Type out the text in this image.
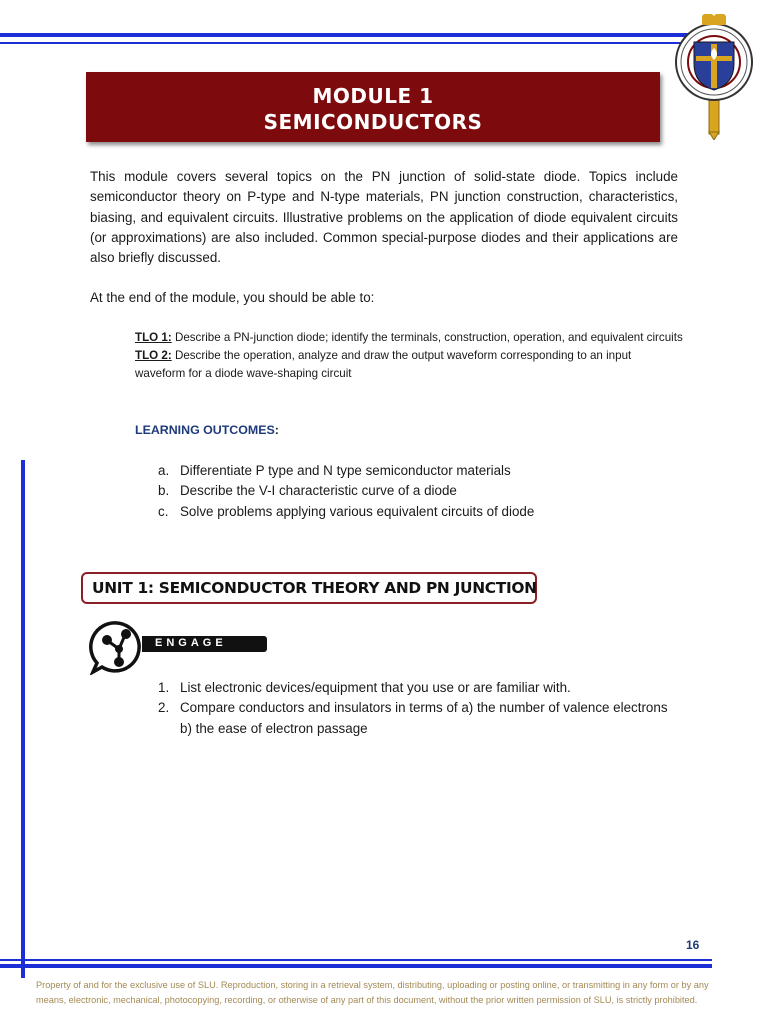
MODULE 1
SEMICONDUCTORS
This module covers several topics on the PN junction of solid-state diode. Topics include semiconductor theory on P-type and N-type materials, PN junction construction, characteristics, biasing, and equivalent circuits. Illustrative problems on the application of diode equivalent circuits (or approximations) are also included. Common special-purpose diodes and their applications are also briefly discussed.
At the end of the module, you should be able to:
TLO 1: Describe a PN-junction diode; identify the terminals, construction, operation, and equivalent circuits
TLO 2: Describe the operation, analyze and draw the output waveform corresponding to an input waveform for a diode wave-shaping circuit
LEARNING OUTCOMES:
a. Differentiate P type and N type semiconductor materials
b. Describe the V-I characteristic curve of a diode
c. Solve problems applying various equivalent circuits of diode
UNIT 1: SEMICONDUCTOR THEORY AND PN JUNCTION
ENGAGE
1. List electronic devices/equipment that you use or are familiar with.
2. Compare conductors and insulators in terms of a) the number of valence electrons b) the ease of electron passage
16
Property of and for the exclusive use of SLU. Reproduction, storing in a retrieval system, distributing, uploading or posting online, or transmitting in any form or by any
means, electronic, mechanical, photocopying, recording, or otherwise of any part of this document, without the prior written permission of SLU, is strictly prohibited.
